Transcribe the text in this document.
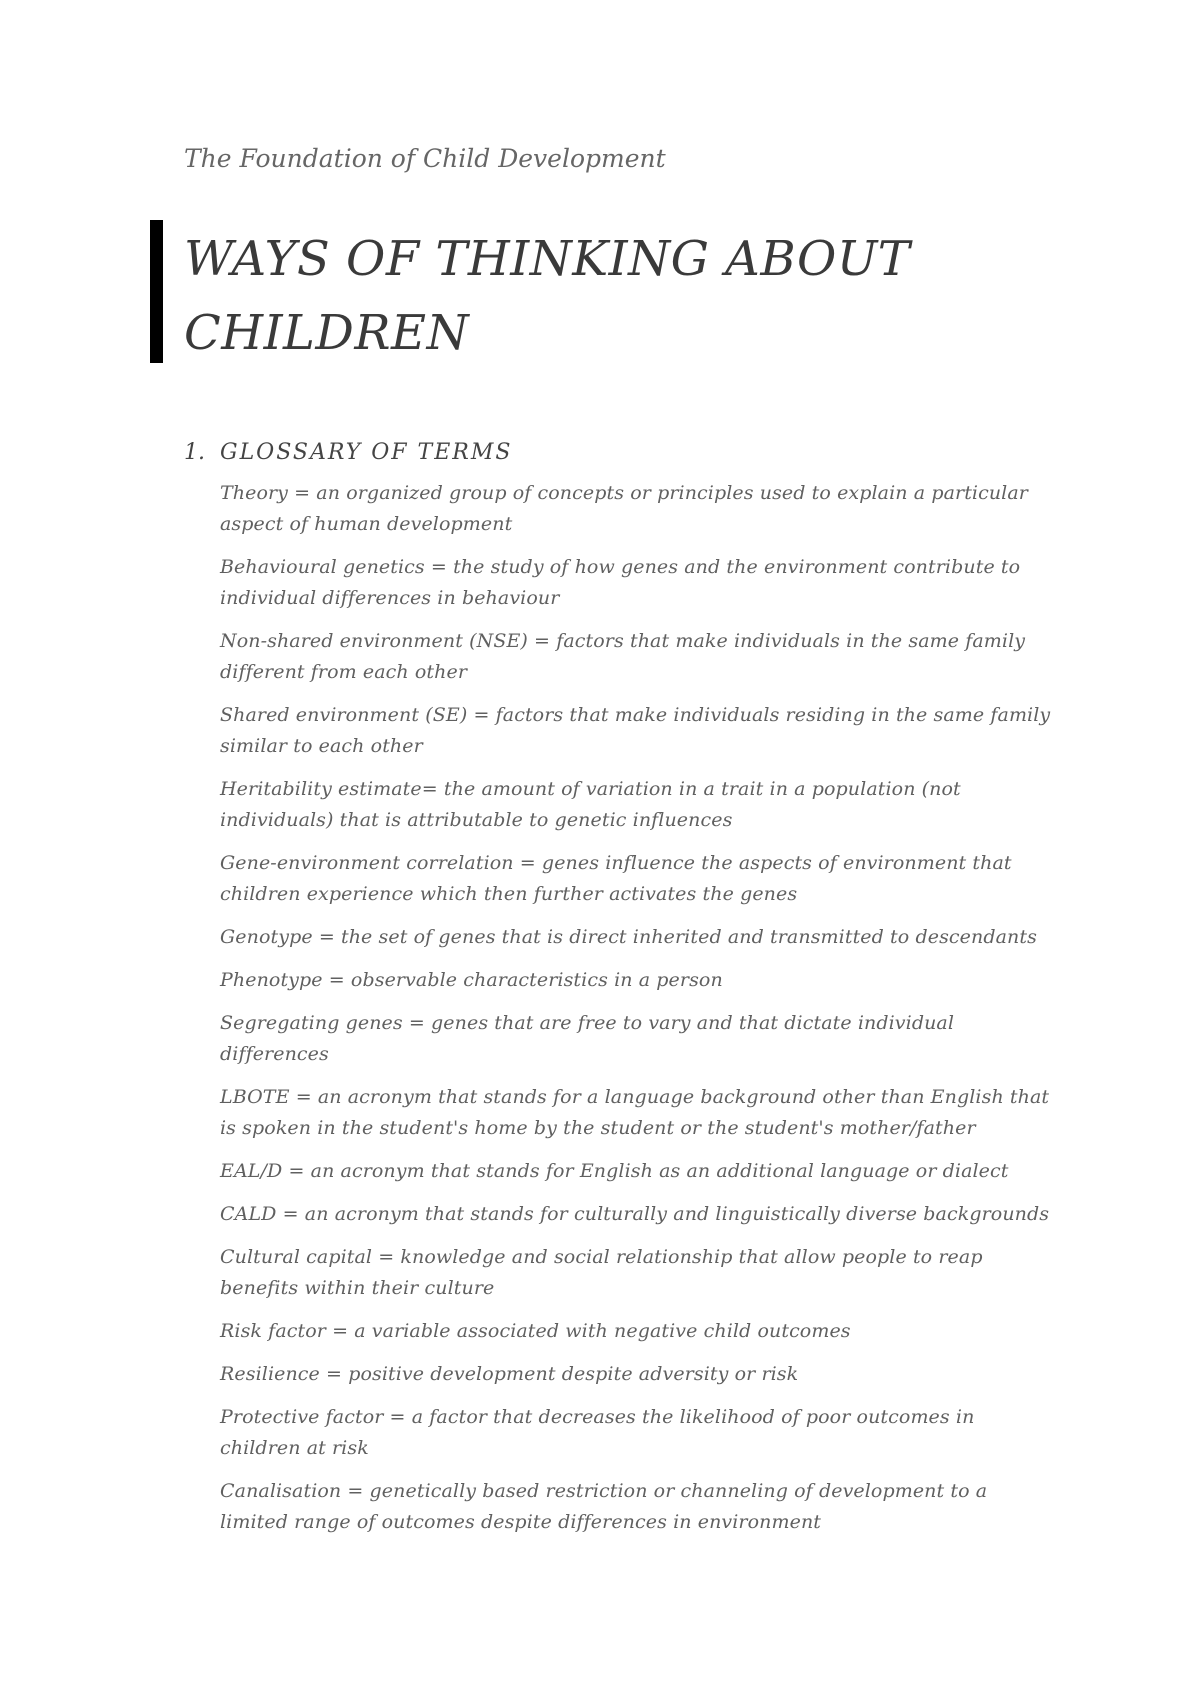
The Foundation of Child Development
WAYS OF THINKING ABOUT CHILDREN
1. GLOSSARY OF TERMS

Theory = an organized group of concepts or principles used to explain a particular aspect of human development

Behavioural genetics = the study of how genes and the environment contribute to individual differences in behaviour

Non-shared environment (NSE) = factors that make individuals in the same family different from each other

Shared environment (SE) = factors that make individuals residing in the same family similar to each other

Heritability estimate= the amount of variation in a trait in a population (not individuals) that is attributable to genetic influences

Gene-environment correlation = genes influence the aspects of environment that children experience which then further activates the genes

Genotype = the set of genes that is direct inherited and transmitted to descendants

Phenotype = observable characteristics in a person

Segregating genes = genes that are free to vary and that dictate individual differences

LBOTE = an acronym that stands for a language background other than English that is spoken in the student's home by the student or the student's mother/father

EAL/D = an acronym that stands for English as an additional language or dialect

CALD = an acronym that stands for culturally and linguistically diverse backgrounds

Cultural capital = knowledge and social relationship that allow people to reap benefits within their culture

Risk factor = a variable associated with negative child outcomes

Resilience = positive development despite adversity or risk

Protective factor = a factor that decreases the likelihood of poor outcomes in children at risk

Canalisation = genetically based restriction or channeling of development to a limited range of outcomes despite differences in environment
